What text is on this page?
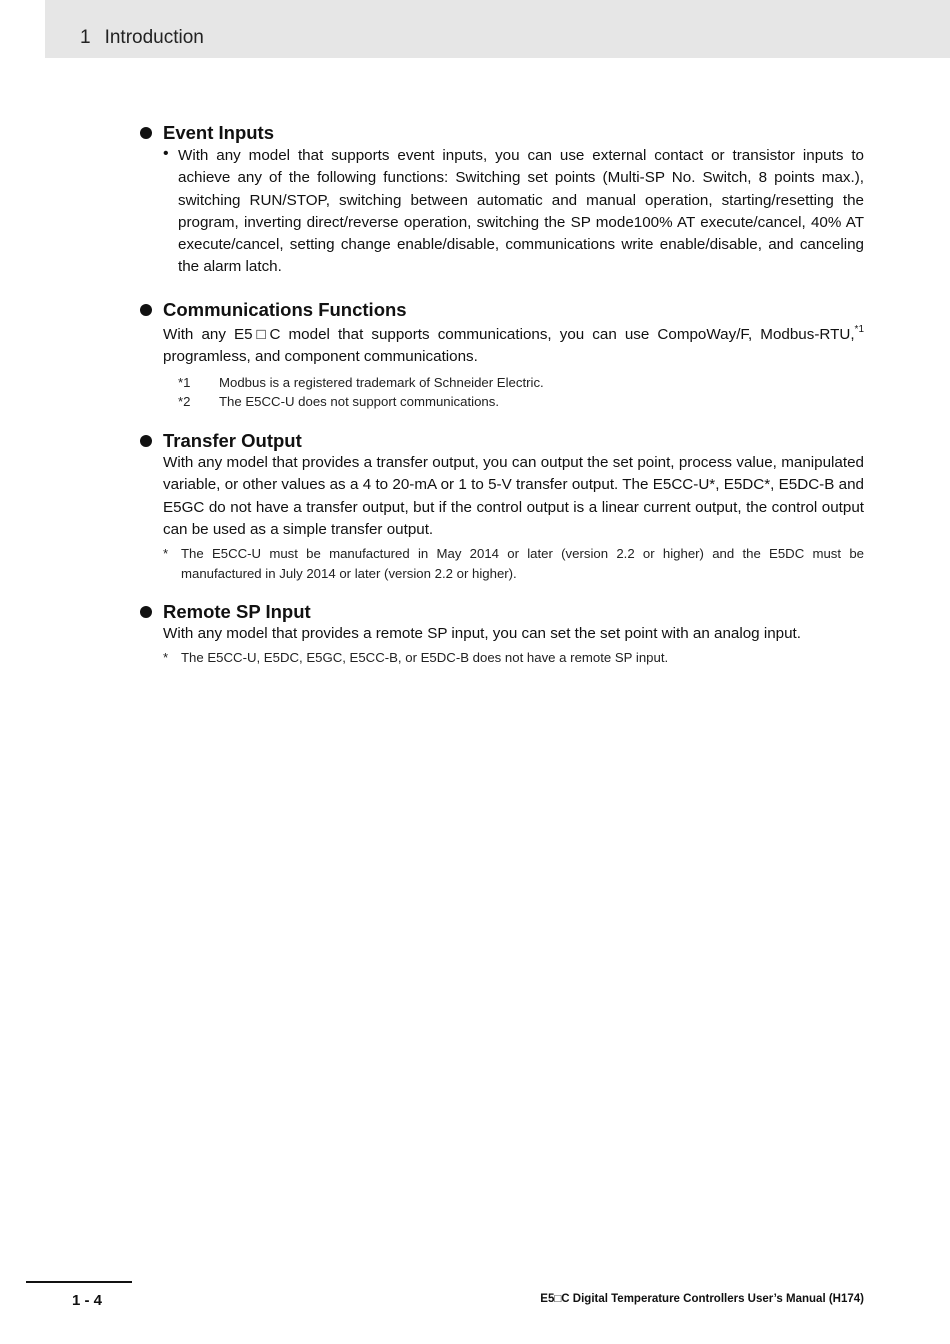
1 Introduction
Event Inputs
• With any model that supports event inputs, you can use external contact or transistor inputs to achieve any of the following functions: Switching set points (Multi-SP No. Switch, 8 points max.), switching RUN/STOP, switching between automatic and manual operation, starting/resetting the program, inverting direct/reverse operation, switching the SP mode100% AT execute/cancel, 40% AT execute/cancel, setting change enable/disable, communications write enable/disable, and canceling the alarm latch.
Communications Functions
With any E5□C model that supports communications, you can use CompoWay/F, Modbus-RTU,$^{*1}$ programless, and component communications.
*1 Modbus is a registered trademark of Schneider Electric.
*2 The E5CC-U does not support communications.
Transfer Output
With any model that provides a transfer output, you can output the set point, process value, manipulated variable, or other values as a 4 to 20-mA or 1 to 5-V transfer output. The E5CC-U*, E5DC*, E5DC-B and E5GC do not have a transfer output, but if the control output is a linear current output, the control output can be used as a simple transfer output.
* The E5CC-U must be manufactured in May 2014 or later (version 2.2 or higher) and the E5DC must be manufactured in July 2014 or later (version 2.2 or higher).
Remote SP Input
With any model that provides a remote SP input, you can set the set point with an analog input.
* The E5CC-U, E5DC, E5GC, E5CC-B, or E5DC-B does not have a remote SP input.
1 - 4	E5□C Digital Temperature Controllers User’s Manual (H174)
